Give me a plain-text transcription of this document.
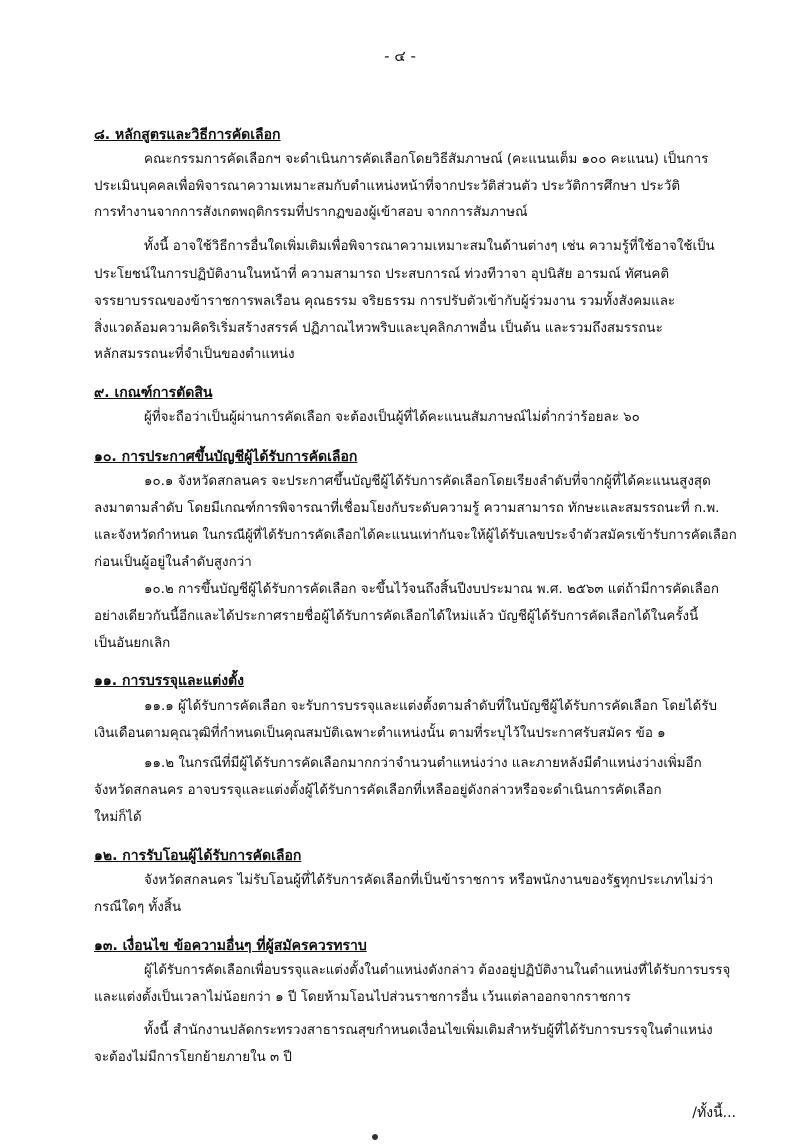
- ๔ -
๘. หลักสูตรและวิธีการคัดเลือก
คณะกรรมการคัดเลือกฯ จะดำเนินการคัดเลือกโดยวิธีสัมภาษณ์ (คะแนนเต็ม ๑๐๐ คะแนน) เป็นการ
ประเมินบุคคลเพื่อพิจารณาความเหมาะสมกับตำแหน่งหน้าที่จากประวัติส่วนตัว ประวัติการศึกษา ประวัติ
การทำงานจากการสังเกตพฤติกรรมที่ปรากฏของผู้เข้าสอบ จากการสัมภาษณ์
ทั้งนี้ อาจใช้วิธีการอื่นใดเพิ่มเติมเพื่อพิจารณาความเหมาะสมในด้านต่างๆ เช่น ความรู้ที่ใช้อาจใช้เป็น
ประโยชน์ในการปฏิบัติงานในหน้าที่ ความสามารถ ประสบการณ์ ท่วงทีวาจา อุปนิสัย อารมณ์ ทัศนคติ
จรรยาบรรณของข้าราชการพลเรือน คุณธรรม จริยธรรม การปรับตัวเข้ากับผู้ร่วมงาน รวมทั้งสังคมและ
สิ่งแวดล้อมความคิดริเริ่มสร้างสรรค์ ปฏิภาณไหวพริบและบุคลิกภาพอื่น เป็นต้น และรวมถึงสมรรถนะ
หลักสมรรถนะที่จำเป็นของตำแหน่ง
๙. เกณฑ์การตัดสิน
ผู้ที่จะถือว่าเป็นผู้ผ่านการคัดเลือก จะต้องเป็นผู้ที่ได้คะแนนสัมภาษณ์ไม่ต่ำกว่าร้อยละ ๖๐
๑๐. การประกาศขึ้นบัญชีผู้ได้รับการคัดเลือก
๑๐.๑ จังหวัดสกลนคร จะประกาศขึ้นบัญชีผู้ได้รับการคัดเลือกโดยเรียงลำดับที่จากผู้ที่ได้คะแนนสูงสุด
ลงมาตามลำดับ โดยมีเกณฑ์การพิจารณาที่เชื่อมโยงกับระดับความรู้ ความสามารถ ทักษะและสมรรถนะที่ ก.พ.
และจังหวัดกำหนด ในกรณีผู้ที่ได้รับการคัดเลือกได้คะแนนเท่ากันจะให้ผู้ได้รับเลขประจำตัวสมัครเข้ารับการคัดเลือก
ก่อนเป็นผู้อยู่ในลำดับสูงกว่า
๑๐.๒ การขึ้นบัญชีผู้ได้รับการคัดเลือก จะขึ้นไว้จนถึงสิ้นปีงบประมาณ พ.ศ. ๒๕๖๓ แต่ถ้ามีการคัดเลือก
อย่างเดียวกันนี้อีกและได้ประกาศรายชื่อผู้ได้รับการคัดเลือกได้ใหม่แล้ว บัญชีผู้ได้รับการคัดเลือกได้ในครั้งนี้
เป็นอันยกเลิก
๑๑. การบรรจุและแต่งตั้ง
๑๑.๑ ผู้ได้รับการคัดเลือก จะรับการบรรจุและแต่งตั้งตามลำดับที่ในบัญชีผู้ได้รับการคัดเลือก โดยได้รับ
เงินเดือนตามคุณวุฒิที่กำหนดเป็นคุณสมบัติเฉพาะตำแหน่งนั้น ตามที่ระบุไว้ในประกาศรับสมัคร ข้อ ๑
๑๑.๒ ในกรณีที่มีผู้ได้รับการคัดเลือกมากกว่าจำนวนตำแหน่งว่าง และภายหลังมีตำแหน่งว่างเพิ่มอีก
จังหวัดสกลนคร อาจบรรจุและแต่งตั้งผู้ได้รับการคัดเลือกที่เหลืออยู่ดังกล่าวหรือจะดำเนินการคัดเลือก
ใหม่ก็ได้
๑๒. การรับโอนผู้ได้รับการคัดเลือก
จังหวัดสกลนคร ไม่รับโอนผู้ที่ได้รับการคัดเลือกที่เป็นข้าราชการ หรือพนักงานของรัฐทุกประเภทไม่ว่า
กรณีใดๆ ทั้งสิ้น
๑๓. เงื่อนไข ข้อความอื่นๆ ที่ผู้สมัครควรทราบ
ผู้ได้รับการคัดเลือกเพื่อบรรจุและแต่งตั้งในตำแหน่งดังกล่าว ต้องอยู่ปฏิบัติงานในตำแหน่งที่ได้รับการบรรจุ
และแต่งตั้งเป็นเวลาไม่น้อยกว่า ๑ ปี โดยห้ามโอนไปส่วนราชการอื่น เว้นแต่ลาออกจากราชการ
ทั้งนี้ สำนักงานปลัดกระทรวงสาธารณสุขกำหนดเงื่อนไขเพิ่มเติมสำหรับผู้ที่ได้รับการบรรจุในตำแหน่ง
จะต้องไม่มีการโยกย้ายภายใน ๓ ปี
/ทั้งนี้...
